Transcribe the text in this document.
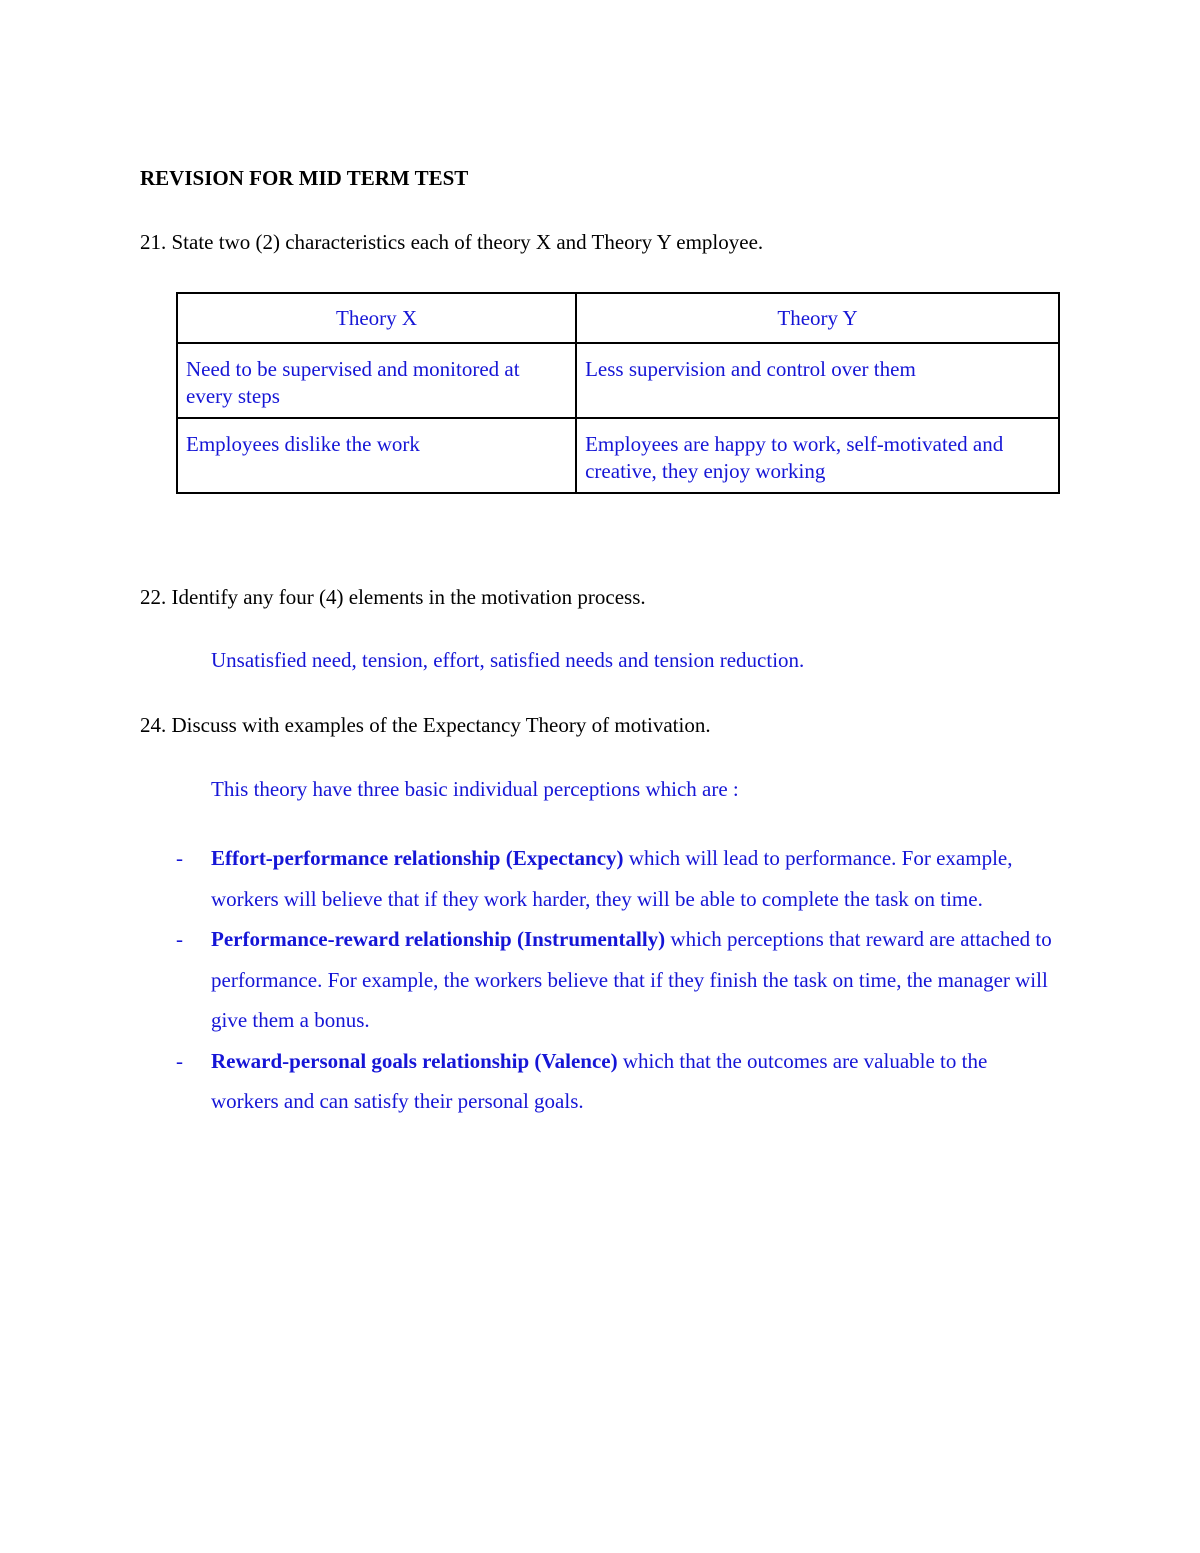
REVISION FOR MID TERM TEST
21. State two (2) characteristics each of theory X and Theory Y employee.
Theory X	Theory Y
Need to be supervised and monitored at every steps	Less supervision and control over them
Employees dislike the work	Employees are happy to work, self-motivated and creative, they enjoy working
22. Identify any four (4) elements in the motivation process.
Unsatisfied need, tension, effort, satisfied needs and tension reduction.
24. Discuss with examples of the Expectancy Theory of motivation.
This theory have three basic individual perceptions which are :
- Effort-performance relationship (Expectancy) which will lead to performance. For example, workers will believe that if they work harder, they will be able to complete the task on time.
- Performance-reward relationship (Instrumentally) which perceptions that reward are attached to performance. For example, the workers believe that if they finish the task on time, the manager will give them a bonus.
- Reward-personal goals relationship (Valence) which that the outcomes are valuable to the workers and can satisfy their personal goals.
